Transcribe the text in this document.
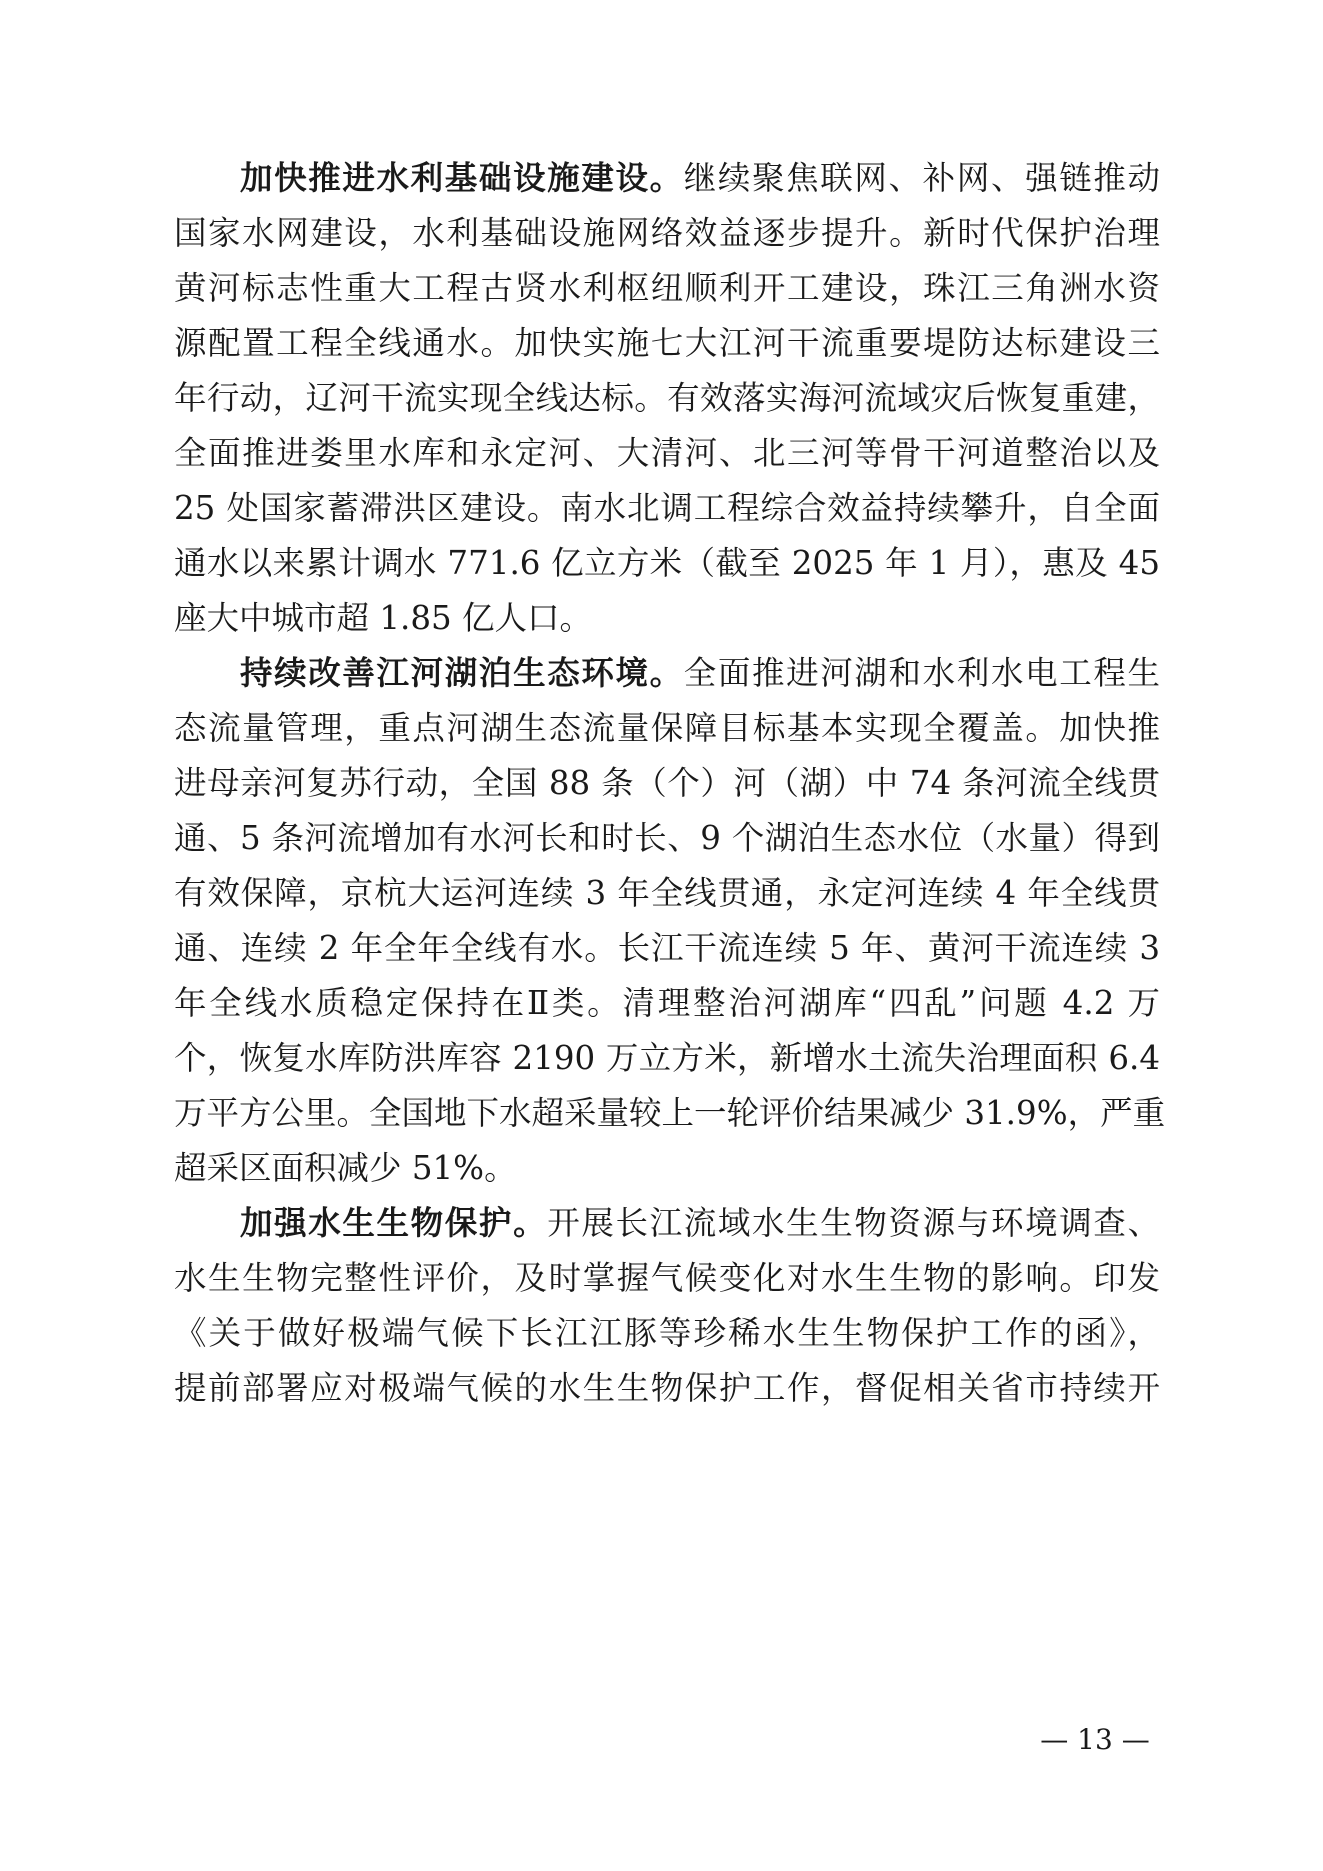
加快推进水利基础设施建设。继续聚焦联网、补网、强链推动
国家水网建设，水利基础设施网络效益逐步提升。新时代保护治理
黄河标志性重大工程古贤水利枢纽顺利开工建设，珠江三角洲水资
源配置工程全线通水。加快实施七大江河干流重要堤防达标建设三
年行动，辽河干流实现全线达标。有效落实海河流域灾后恢复重建，
全面推进娄里水库和永定河、大清河、北三河等骨干河道整治以及
25 处国家蓄滞洪区建设。南水北调工程综合效益持续攀升，自全面
通水以来累计调水 771.6 亿立方米（截至 2025 年 1 月），惠及 45
座大中城市超 1.85 亿人口。
持续改善江河湖泊生态环境。全面推进河湖和水利水电工程生
态流量管理，重点河湖生态流量保障目标基本实现全覆盖。加快推
进母亲河复苏行动，全国 88 条（个）河（湖）中 74 条河流全线贯
通、5 条河流增加有水河长和时长、9 个湖泊生态水位（水量）得到
有效保障，京杭大运河连续 3 年全线贯通，永定河连续 4 年全线贯
通、连续 2 年全年全线有水。长江干流连续 5 年、黄河干流连续 3
年全线水质稳定保持在Ⅱ类。清理整治河湖库“四乱”问题 4.2 万
个，恢复水库防洪库容 2190 万立方米，新增水土流失治理面积 6.4
万平方公里。全国地下水超采量较上一轮评价结果减少 31.9%，严重
超采区面积减少 51%。
加强水生生物保护。开展长江流域水生生物资源与环境调查、
水生生物完整性评价，及时掌握气候变化对水生生物的影响。印发
《关于做好极端气候下长江江豚等珍稀水生生物保护工作的函》，
提前部署应对极端气候的水生生物保护工作，督促相关省市持续开
— 13 —
